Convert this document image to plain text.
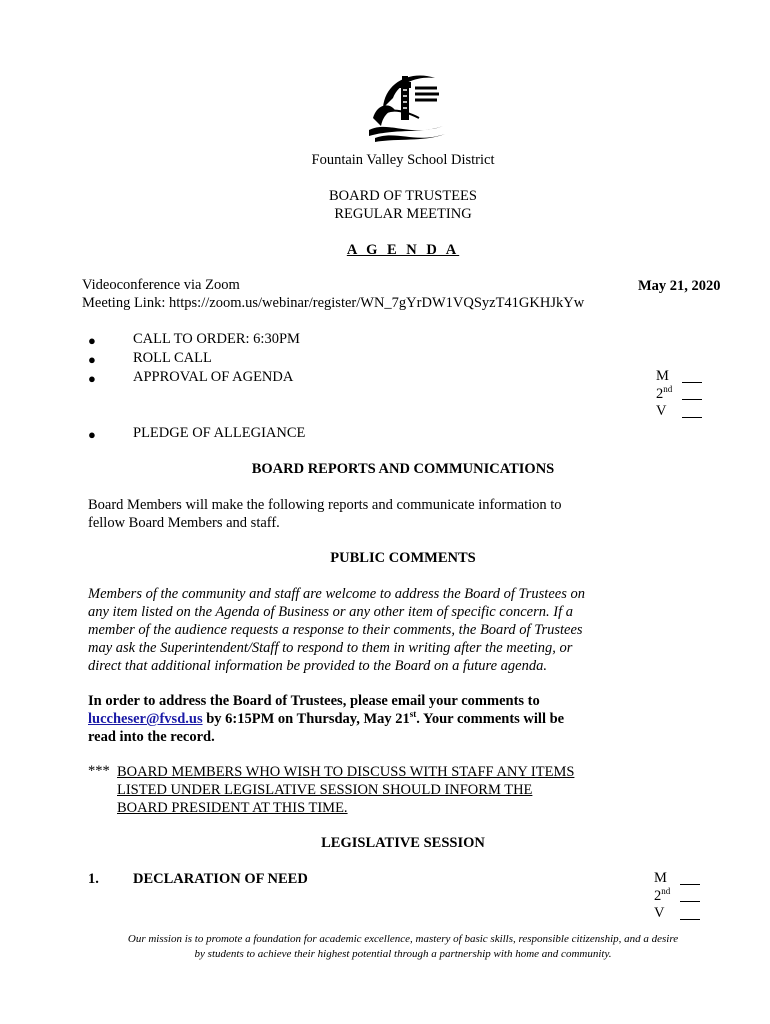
Fountain Valley School District
BOARD OF TRUSTEES
REGULAR MEETING
A G E N D A
Videoconference via Zoom
Meeting Link: https://zoom.us/webinar/register/WN_7gYrDW1VQSyzT41GKHJkYw
May 21, 2020
●	CALL TO ORDER: 6:30PM
●	ROLL CALL
●	APPROVAL OF AGENDA	M
2nd
V
●	PLEDGE OF ALLEGIANCE
BOARD REPORTS AND COMMUNICATIONS
Board Members will make the following reports and communicate information to
fellow Board Members and staff.
PUBLIC COMMENTS
Members of the community and staff are welcome to address the Board of Trustees on
any item listed on the Agenda of Business or any other item of specific concern. If a
member of the audience requests a response to their comments, the Board of Trustees
may ask the Superintendent/Staff to respond to them in writing after the meeting, or
direct that additional information be provided to the Board on a future agenda.
In order to address the Board of Trustees, please email your comments to
luccheser@fvsd.us by 6:15PM on Thursday, May 21st. Your comments will be
read into the record.
*** BOARD MEMBERS WHO WISH TO DISCUSS WITH STAFF ANY ITEMS
LISTED UNDER LEGISLATIVE SESSION SHOULD INFORM THE
BOARD PRESIDENT AT THIS TIME.
LEGISLATIVE SESSION
1. DECLARATION OF NEED	M
2nd
V
Our mission is to promote a foundation for academic excellence, mastery of basic skills, responsible citizenship, and a desire
by students to achieve their highest potential through a partnership with home and community.
